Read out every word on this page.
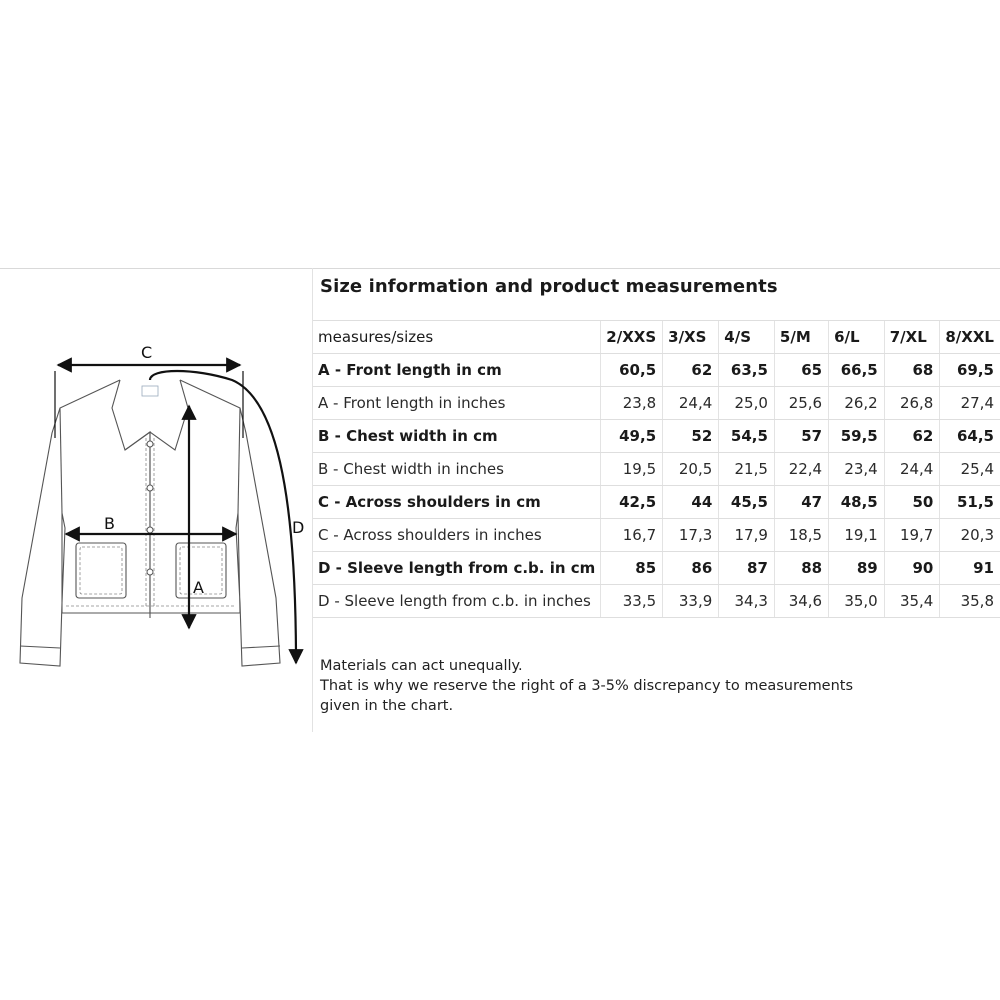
C
A
B	D
Size information and product measurements
measures/sizes	2/XXS	3/XS	4/S	5/M	6/L	7/XL	8/XXL
A - Front length in cm	60,5	62	63,5	65	66,5	68	69,5
A - Front length in inches	23,8	24,4	25,0	25,6	26,2	26,8	27,4
B - Chest width in cm	49,5	52	54,5	57	59,5	62	64,5
B - Chest width in inches	19,5	20,5	21,5	22,4	23,4	24,4	25,4
C - Across shoulders in cm	42,5	44	45,5	47	48,5	50	51,5
C - Across shoulders in inches	16,7	17,3	17,9	18,5	19,1	19,7	20,3
D - Sleeve length from c.b. in cm	85	86	87	88	89	90	91
D - Sleeve length from c.b. in inches	33,5	33,9	34,3	34,6	35,0	35,4	35,8
Materials can act unequally.
That is why we reserve the right of a 3-5% discrepancy to measurements
given in the chart.
